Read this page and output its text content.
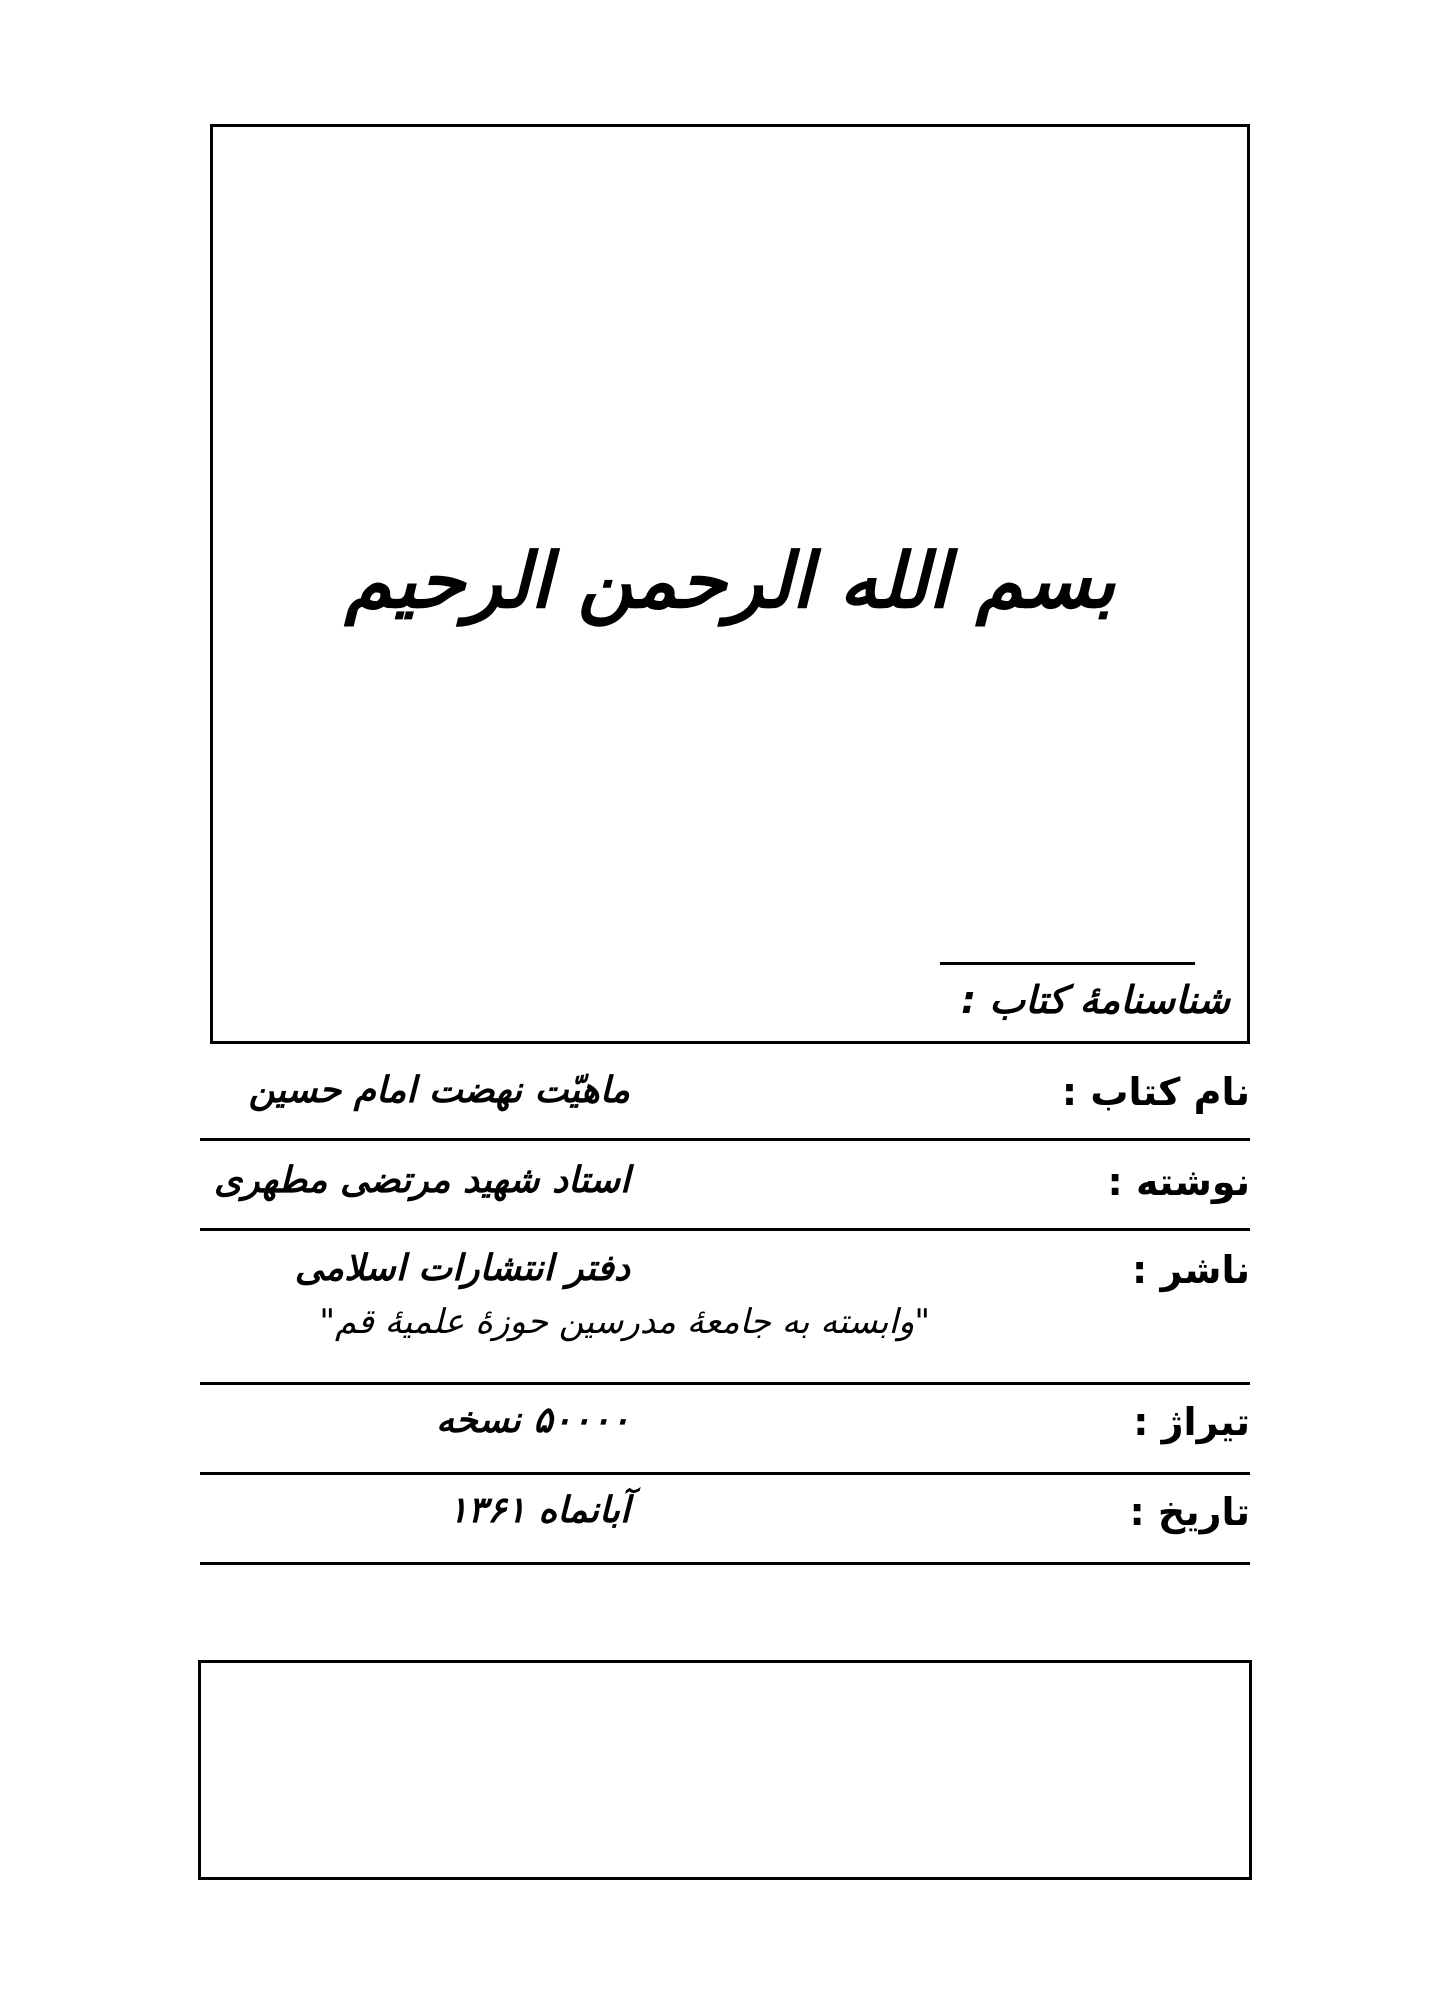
بسم الله الرحمن الرحیم
شناسنامهٔ کتاب :
نام کتاب :
ماهیّت نهضت امام حسین
نوشته :
استاد شهید مرتضی مطهری
ناشر :
دفتر انتشارات اسلامی
"وابسته به جامعهٔ مدرسین حوزهٔ علمیهٔ قم"
تیراژ :
۵۰۰۰۰ نسخه
تاریخ :
آبانماه ۱۳۶۱
